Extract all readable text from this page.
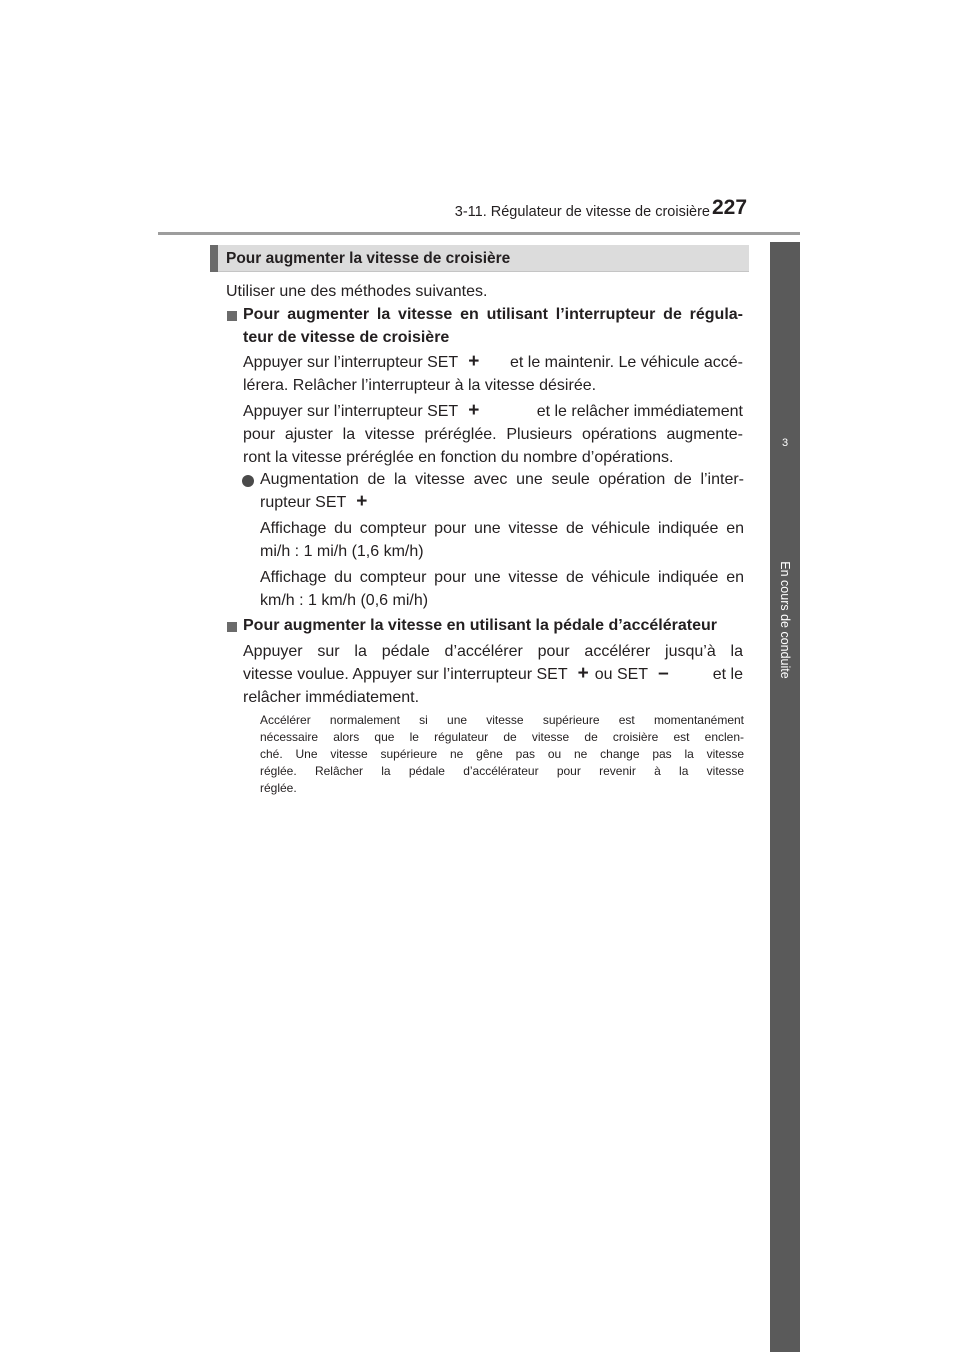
3-11. Régulateur de vitesse de croisière 227
3
En cours de conduite
Pour augmenter la vitesse de croisière

Utiliser une des méthodes suivantes.

Pour augmenter la vitesse en utilisant l’interrupteur de régula-

teur de vitesse de croisière

Appuyer sur l’interrupteur SET +	et le maintenir. Le véhicule accé-

lérera. Relâcher l’interrupteur à la vitesse désirée.

Appuyer sur l’interrupteur SET +	et le relâcher immédiatement

pour ajuster la vitesse préréglée. Plusieurs opérations augmente-

ront la vitesse préréglée en fonction du nombre d’opérations.

Augmentation de la vitesse avec une seule opération de l’inter-

rupteur SET +

Affichage du compteur pour une vitesse de véhicule indiquée en

mi/h : 1 mi/h (1,6 km/h)

Affichage du compteur pour une vitesse de véhicule indiquée en

km/h : 1 km/h (0,6 mi/h)

Pour augmenter la vitesse en utilisant la pédale d’accélérateur

Appuyer sur la pédale d’accélérer pour accélérer jusqu’à la

vitesse voulue. Appuyer sur l’interrupteur SET + ou SET –	et le

relâcher immédiatement.

Accélérer normalement si une vitesse supérieure est momentanément
nécessaire alors que le régulateur de vitesse de croisière est enclen-
ché. Une vitesse supérieure ne gêne pas ou ne change pas la vitesse
réglée. Relâcher la pédale d’accélérateur pour revenir à la vitesse
réglée.
